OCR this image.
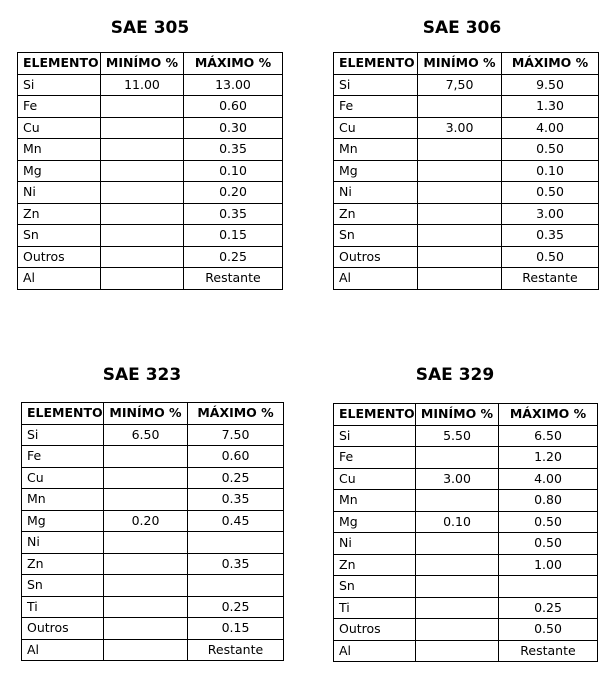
SAE 305	SAE 306
SAE 323	SAE 329
ELEMENTO	MINÍMO %	MÁXIMO %
Si	11.00	13.00
Fe		0.60
Cu		0.30
Mn		0.35
Mg		0.10
Ni		0.20
Zn		0.35
Sn		0.15
Outros		0.25
Al		Restante
ELEMENTO	MINÍMO %	MÁXIMO %
Si	7,50	9.50
Fe		1.30
Cu	3.00	4.00
Mn		0.50
Mg		0.10
Ni		0.50
Zn		3.00
Sn		0.35
Outros		0.50
Al		Restante
ELEMENTO	MINÍMO %	MÁXIMO %
Si	6.50	7.50
Fe		0.60
Cu		0.25
Mn		0.35
Mg	0.20	0.45
Ni		
Zn		0.35
Sn		
Ti		0.25
Outros		0.15
Al		Restante
ELEMENTO	MINÍMO %	MÁXIMO %
Si	5.50	6.50
Fe		1.20
Cu	3.00	4.00
Mn		0.80
Mg	0.10	0.50
Ni		0.50
Zn		1.00
Sn		
Ti		0.25
Outros		0.50
Al		Restante
